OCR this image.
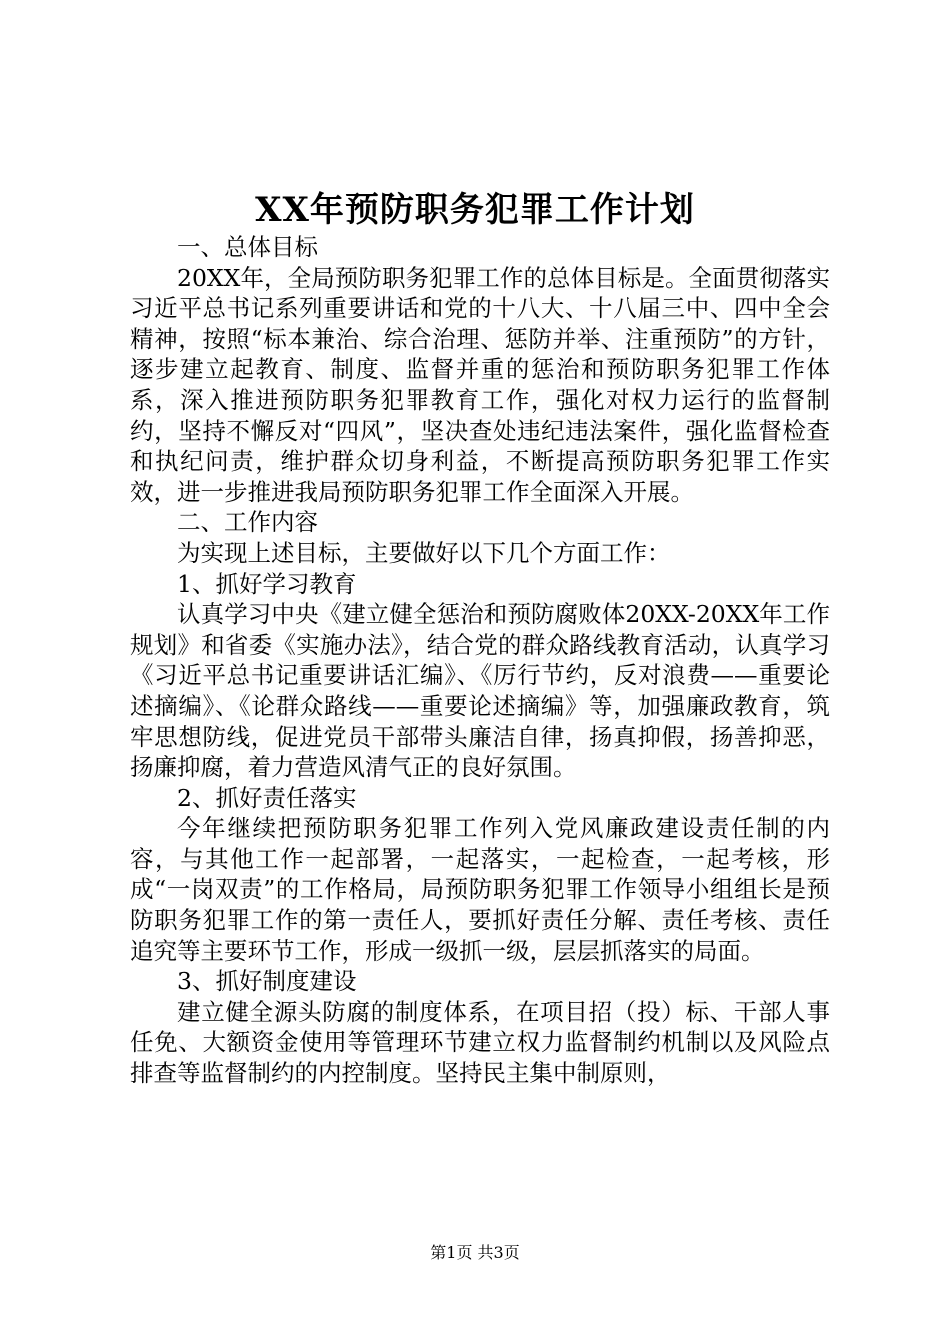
XX年预防职务犯罪工作计划

一、总体目标

20XX年，全局预防职务犯罪工作的总体目标是。全面贯彻落实习近平总书记系列重要讲话和党的十八大、十八届三中、四中全会精神，按照“标本兼治、综合治理、惩防并举、注重预防”的方针，逐步建立起教育、制度、监督并重的惩治和预防职务犯罪工作体系，深入推进预防职务犯罪教育工作，强化对权力运行的监督制约，坚持不懈反对“四风”，坚决查处违纪违法案件，强化监督检查和执纪问责，维护群众切身利益，不断提高预防职务犯罪工作实效，进一步推进我局预防职务犯罪工作全面深入开展。

二、工作内容

为实现上述目标，主要做好以下几个方面工作：

1、抓好学习教育

认真学习中央《建立健全惩治和预防腐败体20XX-20XX年工作规划》和省委《实施办法》，结合党的群众路线教育活动，认真学习《习近平总书记重要讲话汇编》、《厉行节约，反对浪费——重要论述摘编》、《论群众路线——重要论述摘编》等，加强廉政教育，筑牢思想防线，促进党员干部带头廉洁自律，扬真抑假，扬善抑恶，扬廉抑腐，着力营造风清气正的良好氛围。

2、抓好责任落实

今年继续把预防职务犯罪工作列入党风廉政建设责任制的内容，与其他工作一起部署，一起落实，一起检查，一起考核，形成“一岗双责”的工作格局，局预防职务犯罪工作领导小组组长是预防职务犯罪工作的第一责任人，要抓好责任分解、责任考核、责任追究等主要环节工作，形成一级抓一级，层层抓落实的局面。

3、抓好制度建设

建立健全源头防腐的制度体系，在项目招（投）标、干部人事任免、大额资金使用等管理环节建立权力监督制约机制以及风险点排查等监督制约的内控制度。坚持民主集中制原则，

第1页 共3页
